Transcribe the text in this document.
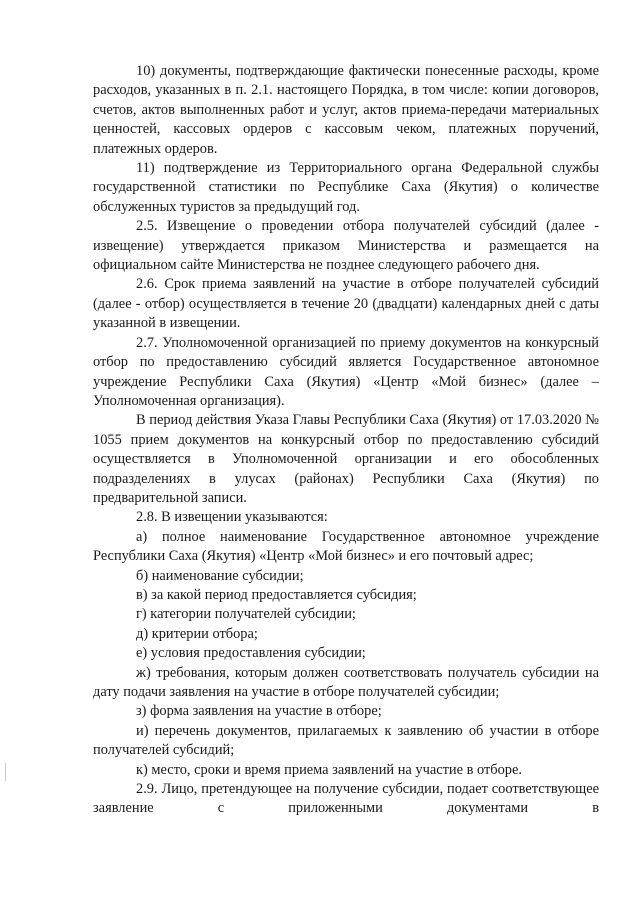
10) документы, подтверждающие фактически понесенные расходы, кроме расходов, указанных в п. 2.1. настоящего Порядка, в том числе: копии договоров, счетов, актов выполненных работ и услуг, актов приема-передачи материальных ценностей, кассовых ордеров с кассовым чеком, платежных поручений, платежных ордеров.

11) подтверждение из Территориального органа Федеральной службы государственной статистики по Республике Саха (Якутия) о количестве обслуженных туристов за предыдущий год.

2.5. Извещение о проведении отбора получателей субсидий (далее - извещение) утверждается приказом Министерства и размещается на официальном сайте Министерства не позднее следующего рабочего дня.

2.6. Срок приема заявлений на участие в отборе получателей субсидий (далее - отбор) осуществляется в течение 20 (двадцати) календарных дней с даты указанной в извещении.

2.7. Уполномоченной организацией по приему документов на конкурсный отбор по предоставлению субсидий является Государственное автономное учреждение Республики Саха (Якутия) «Центр «Мой бизнес» (далее – Уполномоченная организация).

В период действия Указа Главы Республики Саха (Якутия) от 17.03.2020 № 1055 прием документов на конкурсный отбор по предоставлению субсидий осуществляется в Уполномоченной организации и его обособленных подразделениях в улусах (районах) Республики Саха (Якутия) по предварительной записи.

2.8. В извещении указываются:

а) полное наименование Государственное автономное учреждение Республики Саха (Якутия) «Центр «Мой бизнес» и его почтовый адрес;

б) наименование субсидии;

в) за какой период предоставляется субсидия;

г) категории получателей субсидии;

д) критерии отбора;

е) условия предоставления субсидии;

ж) требования, которым должен соответствовать получатель субсидии на дату подачи заявления на участие в отборе получателей субсидии;

з) форма заявления на участие в отборе;

и) перечень документов, прилагаемых к заявлению об участии в отборе получателей субсидий;

к) место, сроки и время приема заявлений на участие в отборе.

2.9. Лицо, претендующее на получение субсидии, подает соответствующее заявление с приложенными документами в
